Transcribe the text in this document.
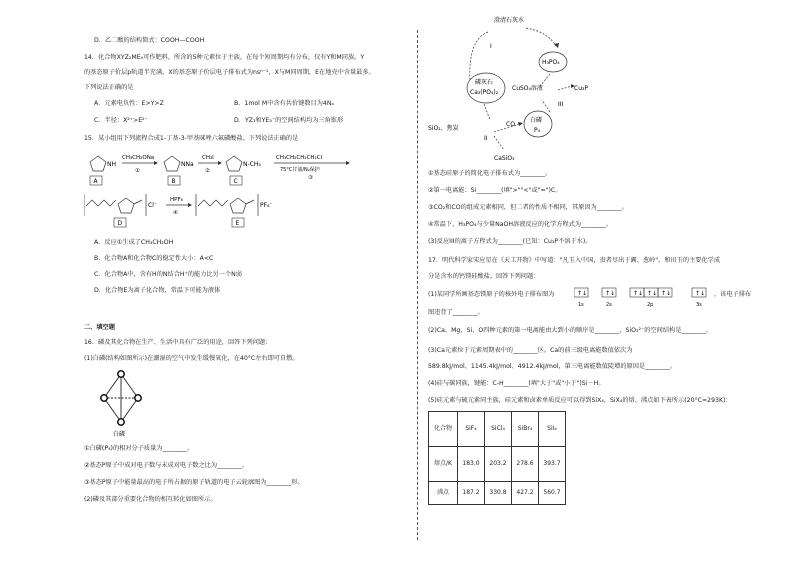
D．乙二酸的结构简式：COOH—COOH
14．化合物XYZ₂ME₄可作肥料，所含的5种元素位于主族，在每个短周期均有分布，仅有Y和M同族。Y
的基态原子价层p轨道半充满，X的基态原子价层电子排布式为nsⁿ⁻¹，X与M同周期，E在地壳中含量最多。
下列说法正确的是
A．元素电负性：E>Y>Z	B．1mol M中含有共价键数目为4Nₐ
C．半径：X²⁺>E²⁻	D．YZ₃和YE₃⁻的空间结构均为三角锥形
15．某小组用下列流程合成1-丁基-3-甲基咪唑六氟磷酸盐。下列说法正确的是
NH
A
CH₃CH₂ONa
①
NNa
B
CH₃I
②
N-CH₃
C
CH₃CH₂CH₂CH₂Cl
75°C甘油/N₂保护
③
Cl⁻
D
HPF₆
④
PF₆⁻
E
A．反应①生成了CH₃CH₂OH
B．化合物A和化合物C的稳定性大小：A<C
C．化合物A中，含有H的N结合H⁺的能力比另一个N弱
D．化合物E为离子化合物，常温下可能为液体
二、填空题
16．磷及其化合物在生产、生活中具有广泛的用途，回答下列问题：
(1)白磷(结构如图所示)在潮湿的空气中发生缓慢氧化，在40°C左右即可自燃。
白磷
①白磷(P₄)的相对分子质量为________。
②基态P原子中成对电子数与未成对电子数之比为________。
③基态P原子中能量最高的电子所占据的原子轨道的电子云轮廓图为________形。
(2)磷及其部分重要化合物的相互转化如图所示。
澄清石灰水
I
H₃PO₄
磷灰石
Ca₃(PO₄)₂
CuSO₄溶液	Cu₃P
III
白磷
P₄
SiO₂、焦炭
II
CO
CaSiO₃
①基态硅原子的简化电子排布式为________。
②第一电离能：Si________(填">""<"或"=")C。
③CO₂和CO的组成元素相同，但二者的性质不相同，其原因为________。
④常温下，H₃PO₄与少量NaOH溶液反应的化学方程式为________。
(3)反应III的离子方程式为________(已知：Cu₃P不溶于水)。
17．明代科学家宋应星在《天工开物》中写道："凡玉入中国，贵者尽出于阗、葱岭"。和田玉的主要化学成
分是含水的钙镁硅酸盐。回答下列问题：
(1)某同学所画基态镁原子的核外电子排布图为	↑↓	↑↓	↑↓ ↑↓ ↑↓	↑↓
1s	2s	2p	3s
，该电子排布
图违背了________。
(2)Ca、Mg、Si、O四种元素的第一电离能由大到小的顺序是________，SiO₃²⁻的空间结构是________。
(3)Ca元素位于元素周期表中的________区。Ca的前三级电离能数值依次为
589.8kJ/mol、1145.4kJ/mol、4912.4kJ/mol，第三电离能数值陡增的原因是________。
(4)硅与碳同族，键能：C-H________(填"大于"或"小于")Si－H。
(5)硅元素与硫元素同主族，硅元素和卤素单质反应可以得到SiX₄，SiX₄的熔、沸点如下表所示(20°C≈293K)：
化合物	SiF₄	SiCl₄	SiBr₄	SiI₄
熔点/K	183.0	203.2	278.6	393.7
沸点	187.2	330.8	427.2	560.7
